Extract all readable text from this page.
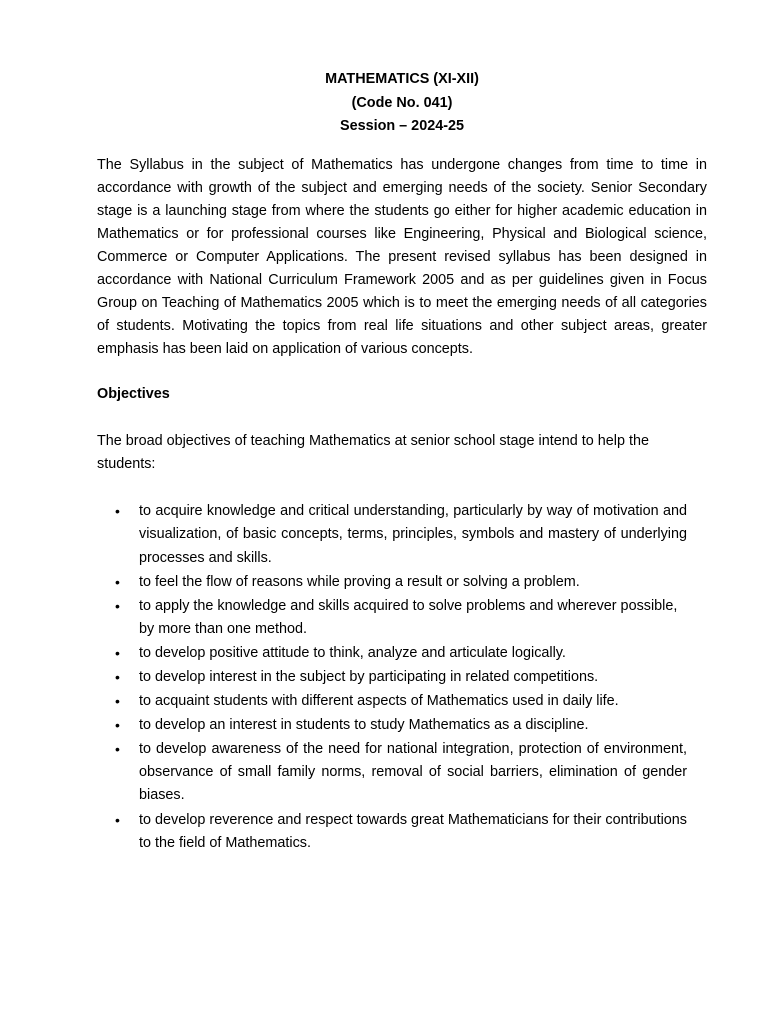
MATHEMATICS (XI-XII)
(Code No. 041)
Session – 2024-25

The Syllabus in the subject of Mathematics has undergone changes from time to time in accordance with growth of the subject and emerging needs of the society. Senior Secondary stage is a launching stage from where the students go either for higher academic education in Mathematics or for professional courses like Engineering, Physical and Biological science, Commerce or Computer Applications. The present revised syllabus has been designed in accordance with National Curriculum Framework 2005 and as per guidelines given in Focus Group on Teaching of Mathematics 2005 which is to meet the emerging needs of all categories of students. Motivating the topics from real life situations and other subject areas, greater emphasis has been laid on application of various concepts.

Objectives

The broad objectives of teaching Mathematics at senior school stage intend to help the students:

• to acquire knowledge and critical understanding, particularly by way of motivation and visualization, of basic concepts, terms, principles, symbols and mastery of underlying processes and skills.
• to feel the flow of reasons while proving a result or solving a problem.
• to apply the knowledge and skills acquired to solve problems and wherever possible, by more than one method.
• to develop positive attitude to think, analyze and articulate logically.
• to develop interest in the subject by participating in related competitions.
• to acquaint students with different aspects of Mathematics used in daily life.
• to develop an interest in students to study Mathematics as a discipline.
• to develop awareness of the need for national integration, protection of environment, observance of small family norms, removal of social barriers, elimination of gender biases.
• to develop reverence and respect towards great Mathematicians for their contributions to the field of Mathematics.
